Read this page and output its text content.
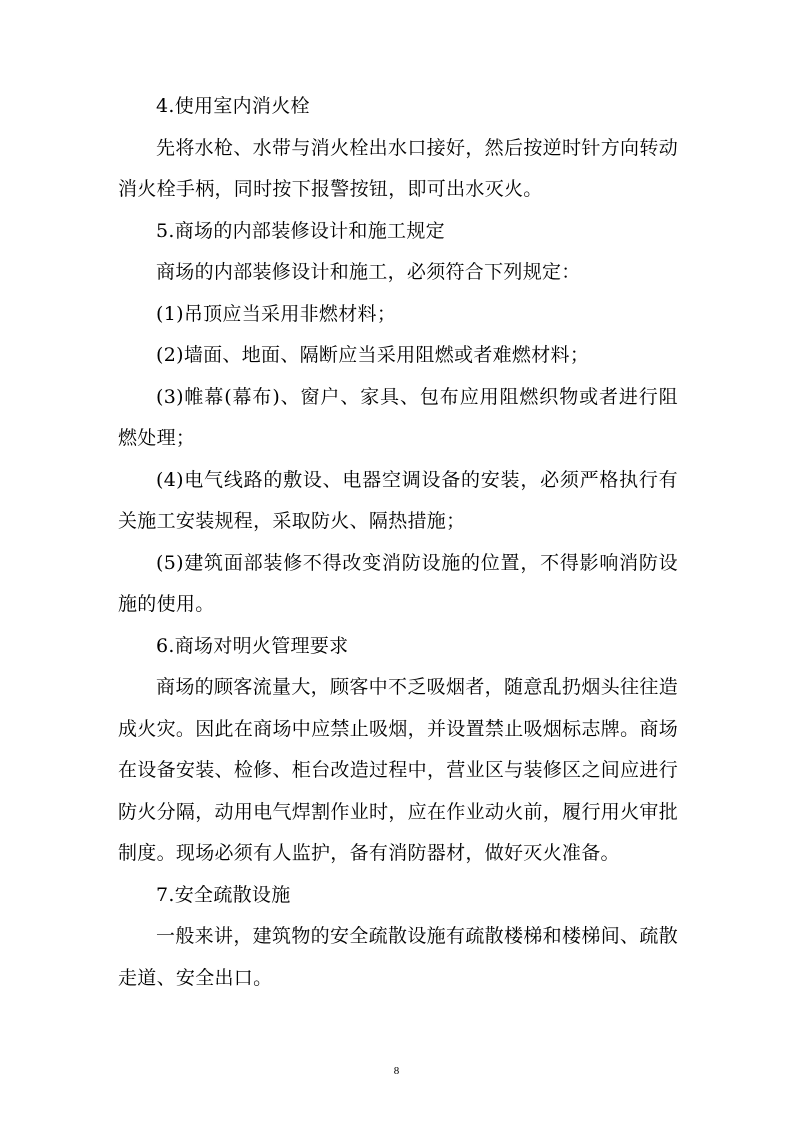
4.使用室内消火栓

先将水枪、水带与消火栓出水口接好，然后按逆时针方向转动消火栓手柄，同时按下报警按钮，即可出水灭火。

5.商场的内部装修设计和施工规定

商场的内部装修设计和施工，必须符合下列规定：

(1)吊顶应当采用非燃材料；

(2)墙面、地面、隔断应当采用阻燃或者难燃材料；

(3)帷幕(幕布)、窗户、家具、包布应用阻燃织物或者进行阻燃处理；

(4)电气线路的敷设、电器空调设备的安装，必须严格执行有关施工安装规程，采取防火、隔热措施；

(5)建筑面部装修不得改变消防设施的位置，不得影响消防设施的使用。

6.商场对明火管理要求

商场的顾客流量大，顾客中不乏吸烟者，随意乱扔烟头往往造成火灾。因此在商场中应禁止吸烟，并设置禁止吸烟标志牌。商场在设备安装、检修、柜台改造过程中，营业区与装修区之间应进行防火分隔，动用电气焊割作业时，应在作业动火前，履行用火审批制度。现场必须有人监护，备有消防器材，做好灭火准备。

7.安全疏散设施

一般来讲，建筑物的安全疏散设施有疏散楼梯和楼梯间、疏散走道、安全出口。

8
